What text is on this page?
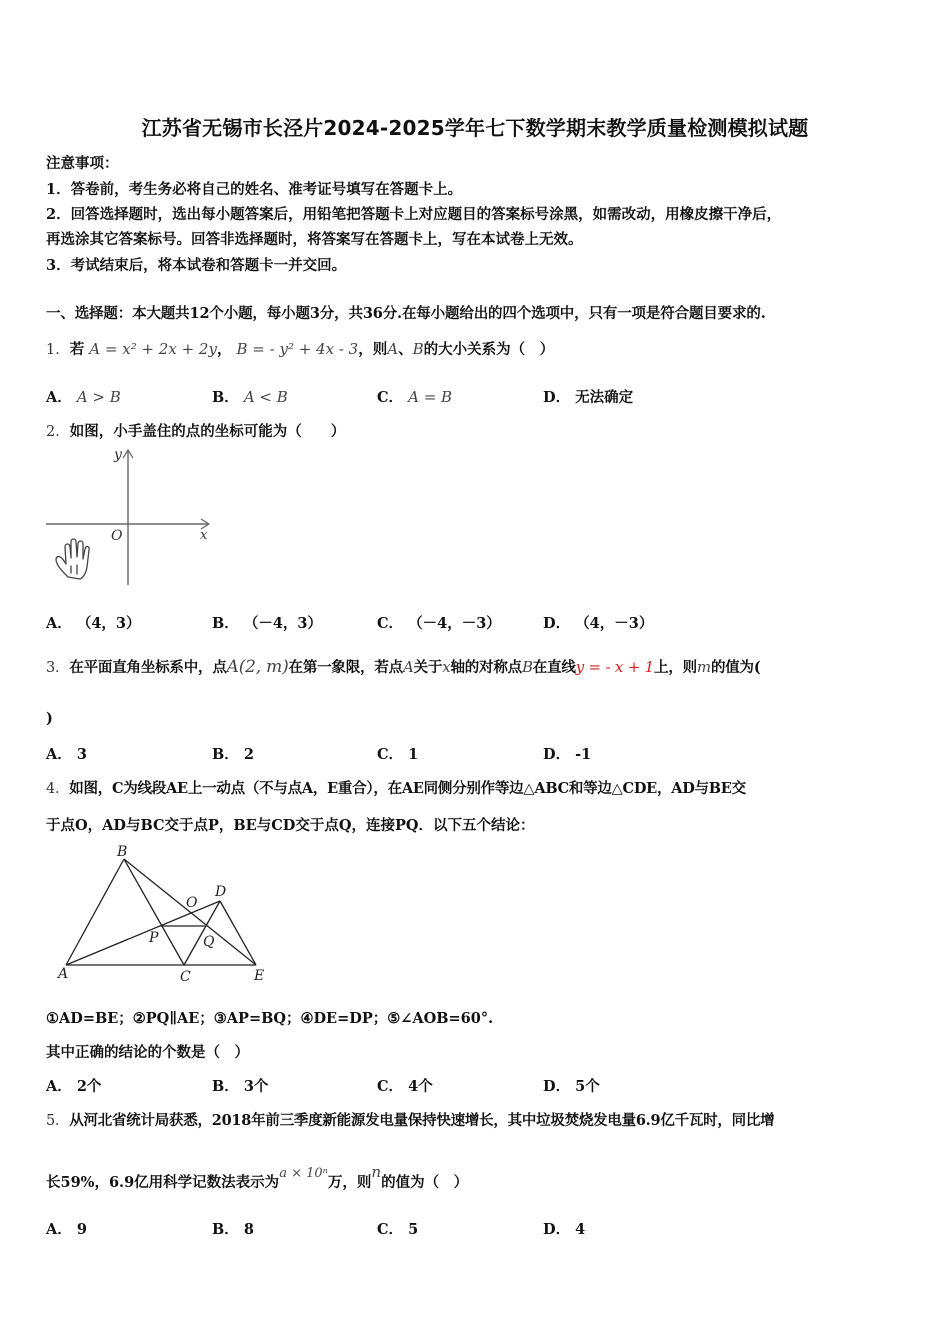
江苏省无锡市长泾片2024-2025学年七下数学期末教学质量检测模拟试题
注意事项：
1．答卷前，考生务必将自己的姓名、准考证号填写在答题卡上。
2．回答选择题时，选出每小题答案后，用铅笔把答题卡上对应题目的答案标号涂黑，如需改动，用橡皮擦干净后，
再选涂其它答案标号。回答非选择题时，将答案写在答题卡上，写在本试卷上无效。
3．考试结束后，将本试卷和答题卡一并交回。
一、选择题：本大题共12个小题，每小题3分，共36分.在每小题给出的四个选项中，只有一项是符合题目要求的.
1．若 A = x² + 2x + 2y， B = - y² + 4x - 3，则A、B的大小关系为（　）
A． A > B	B． A < B	C． A = B	D． 无法确定
2．如图，小手盖住的点的坐标可能为（　　）
x
y
O
A． （4，3）	B． （－4，3）	C． （－4，－3）	D． （4，－3）
3．在平面直角坐标系中，点A(2, m)在第一象限，若点A关于x轴的对称点B在直线y = - x + 1上，则m的值为(
)
A． 3	B． 2	C． 1	D． -1
4．如图，C为线段AE上一动点（不与点A，E重合），在AE同侧分别作等边△ABC和等边△CDE，AD与BE交
于点O，AD与BC交于点P，BE与CD交于点Q，连接PQ．以下五个结论：
B
D
O
P	Q
A	C	E
①AD=BE；②PQ∥AE；③AP=BQ；④DE=DP；⑤∠AOB=60°.
其中正确的结论的个数是（　）
A． 2个	B． 3个	C． 4个	D． 5个
5．从河北省统计局获悉，2018年前三季度新能源发电量保持快速增长，其中垃圾焚烧发电量6.9亿千瓦时，同比增
长59%，6.9亿用科学记数法表示为a × 10ⁿ万，则n的值为（　）
A． 9	B． 8	C． 5	D． 4
